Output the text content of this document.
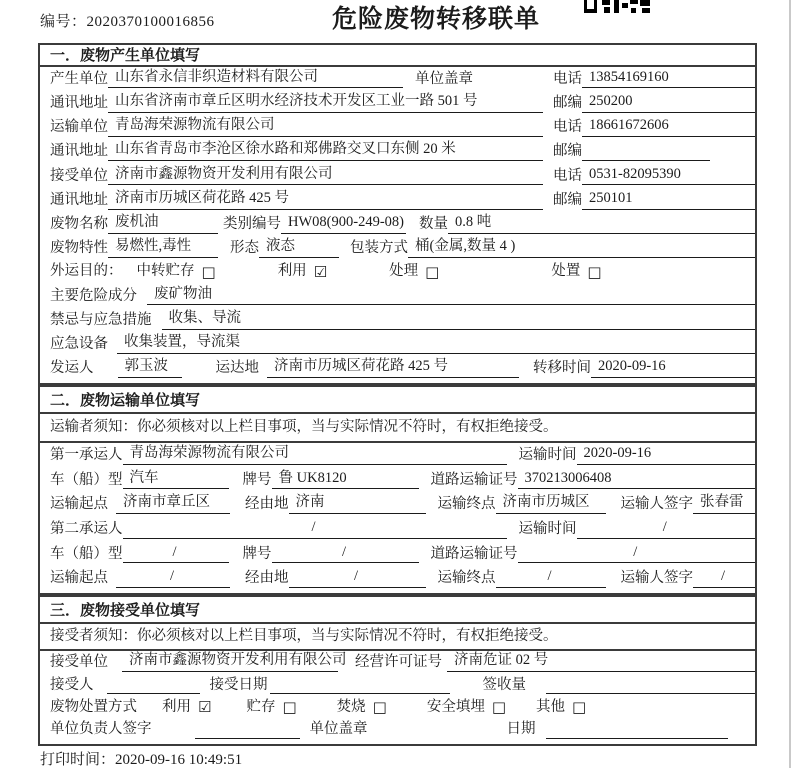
编号：2020370100016856	危险废物转移联单
一．废物产生单位填写
产生单位 山东省永信非织造材料有限公司	单位盖章	电话 13854169160
通讯地址 山东省济南市章丘区明水经济技术开发区工业一路 501 号	邮编 250200
运输单位 青岛海荣源物流有限公司	电话 18661672606
通讯地址 山东省青岛市李沧区徐水路和郑佛路交叉口东侧 20 米	邮编
接受单位 济南市鑫源物资开发利用有限公司	电话 0531-82095390
通讯地址 济南市历城区荷花路 425 号	邮编 250101
废物名称 废机油	类别编号 HW08(900-249-08) 数量 0.8 吨
废物特性 易燃性,毒性	形态 液态	包装方式 桶(金属,数量 4 )
外运目的： 中转贮存 □	利用 ☑	处理 □	处置 □
主要危险成分	废矿物油
禁忌与应急措施	收集、导流
应急设备	收集装置，导流渠
发运人	郭玉波	运达地	济南市历城区荷花路 425 号	转移时间 2020-09-16
二．废物运输单位填写
运输者须知：你必须核对以上栏目事项，当与实际情况不符时，有权拒绝接受。
第一承运人 青岛海荣源物流有限公司	运输时间 2020-09-16
车（船）型 汽车	牌号 鲁 UK8120	道路运输证号 370213006408
运输起点	济南市章丘区	经由地 济南	运输终点 济南市历城区	运输人签字 张春雷
第二承运人	/	运输时间	/
车（船）型	/	牌号	/	道路运输证号	/
运输起点	/	经由地	/	运输终点	/	运输人签字	/
三．废物接受单位填写
接受者须知：你必须核对以上栏目事项，当与实际情况不符时，有权拒绝接受。
接受单位	济南市鑫源物资开发利用有限公司 经营许可证号 济南危证 02 号
接受人	接受日期	签收量
废物处置方式 利用 ☑ 贮存 □	焚烧 □	安全填埋 □ 其他 □
单位负责人签字	单位盖章	日期
打印时间：2020-09-16 10:49:51
